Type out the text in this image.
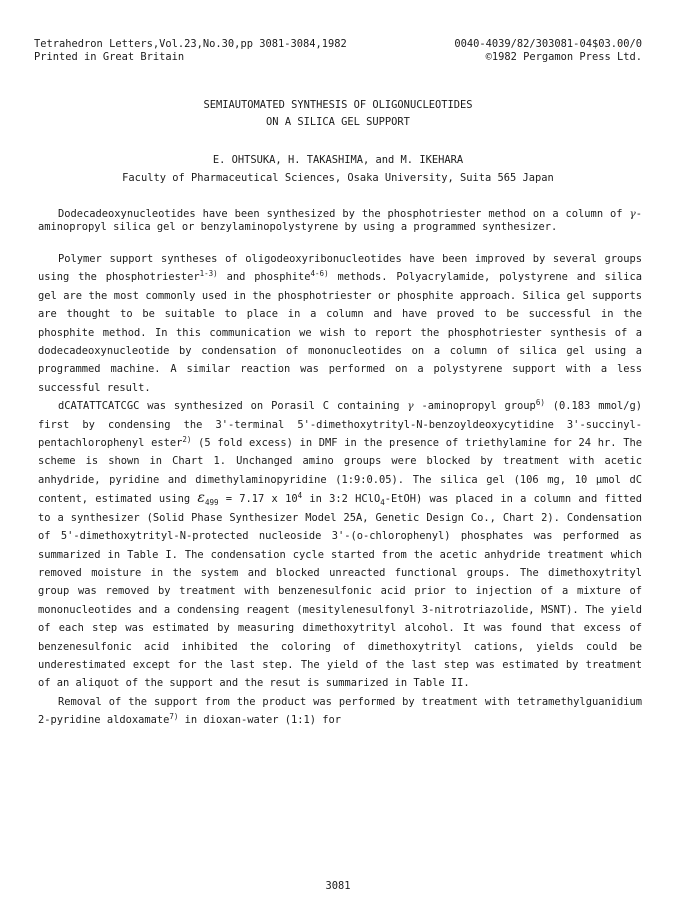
Tetrahedron Letters,Vol.23,No.30,pp 3081-3084,1982	0040-4039/82/303081-04$03.00/0
Printed in Great Britain	©1982 Pergamon Press Ltd.
SEMIAUTOMATED SYNTHESIS OF OLIGONUCLEOTIDES
ON A SILICA GEL SUPPORT
E. OHTSUKA, H. TAKASHIMA, and M. IKEHARA
Faculty of Pharmaceutical Sciences, Osaka University, Suita 565 Japan

Dodecadeoxynucleotides have been synthesized by the phosphotriester method on a column of γ-aminopropyl silica gel or benzylaminopolystyrene by using a programmed synthesizer.

Polymer support syntheses of oligodeoxyribonucleotides have been improved by several groups using the phosphotriester$^{1-3)}$ and phosphite$^{4-6)}$ methods. Polyacrylamide, polystyrene and silica gel are the most commonly used in the phosphotriester or phosphite approach. Silica gel supports are thought to be suitable to place in a column and have proved to be successful in the phosphite method. In this communication we wish to report the phosphotriester synthesis of a dodecadeoxynucleotide by condensation of mononucleotides on a column of silica gel using a programmed machine. A similar reaction was performed on a polystyrene support with a less successful result.

dCATATTCATCGC was synthesized on Porasil C containing γ -aminopropyl group$^{6)}$ (0.183 mmol/g) first by condensing the 3'-terminal 5'-dimethoxytrityl-N-benzoyldeoxycytidine 3'-succinyl-pentachlorophenyl ester$^{2)}$ (5 fold excess) in DMF in the presence of triethylamine for 24 hr. The scheme is shown in Chart 1. Unchanged amino groups were blocked by treatment with acetic anhydride, pyridine and dimethylaminopyridine (1:9:0.05). The silica gel (106 mg, 10 μmol dC content, estimated using $\varepsilon_{499} = 7.17$ x $10^4$ in 3:2 HClO$_4$-EtOH) was placed in a column and fitted to a synthesizer (Solid Phase Synthesizer Model 25A, Genetic Design Co., Chart 2). Condensation of 5'-dimethoxytrityl-N-protected nucleoside 3'-(o-chlorophenyl) phosphates was performed as summarized in Table I. The condensation cycle started from the acetic anhydride treatment which removed moisture in the system and blocked unreacted functional groups. The dimethoxytrityl group was removed by treatment with benzenesulfonic acid prior to injection of a mixture of mononucleotides and a condensing reagent (mesitylenesulfonyl 3-nitrotriazolide, MSNT). The yield of each step was estimated by measuring dimethoxytrityl alcohol. It was found that excess of benzenesulfonic acid inhibited the coloring of dimethoxytrityl cations, yields could be underestimated except for the last step. The yield of the last step was estimated by treatment of an aliquot of the support and the resut is summarized in Table II.

Removal of the support from the product was performed by treatment with tetramethylguanidium 2-pyridine aldoxamate$^{7)}$ in dioxan-water (1:1) for

3081
